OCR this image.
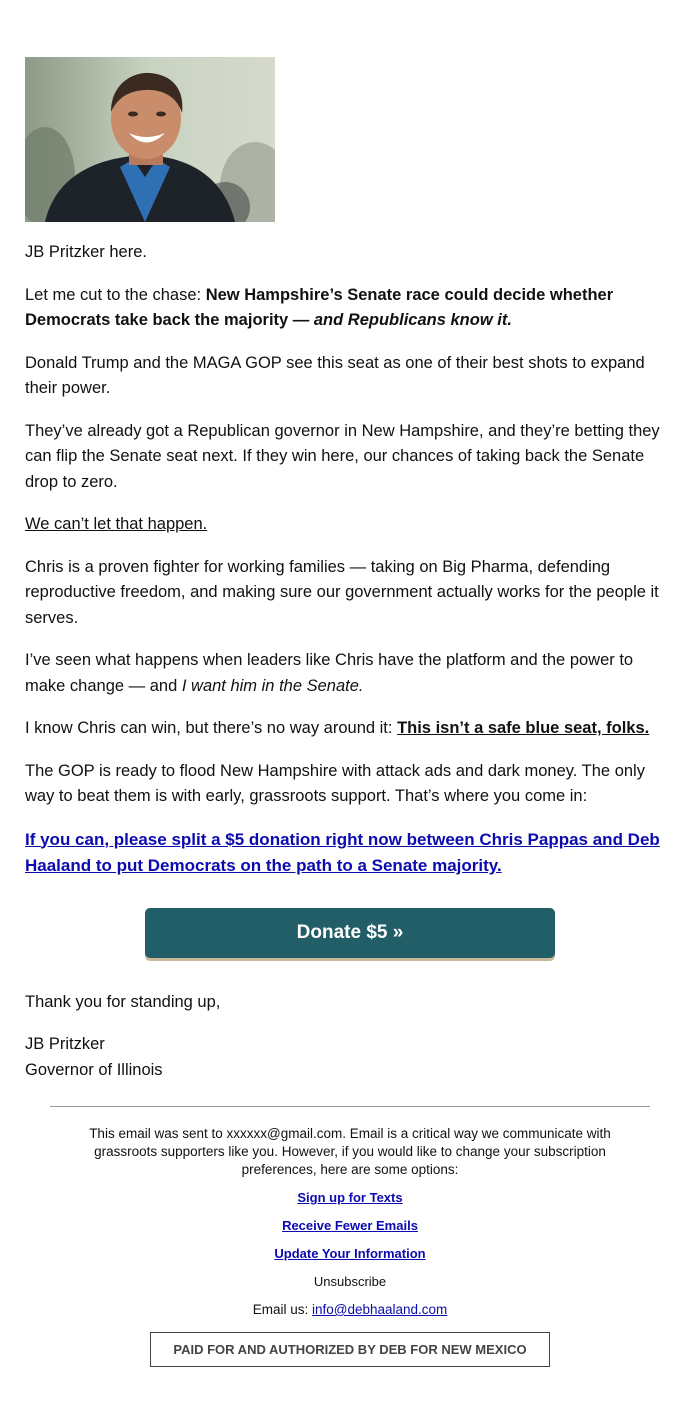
JB Pritzker here.

Let me cut to the chase: New Hampshire’s Senate race could decide whether Democrats take back the majority — and Republicans know it.

Donald Trump and the MAGA GOP see this seat as one of their best shots to expand their power.

They’ve already got a Republican governor in New Hampshire, and they’re betting they can flip the Senate seat next. If they win here, our chances of taking back the Senate drop to zero.

We can’t let that happen.

Chris is a proven fighter for working families — taking on Big Pharma, defending reproductive freedom, and making sure our government actually works for the people it serves.

I’ve seen what happens when leaders like Chris have the platform and the power to make change — and I want him in the Senate.

I know Chris can win, but there’s no way around it: This isn’t a safe blue seat, folks.

The GOP is ready to flood New Hampshire with attack ads and dark money. The only way to beat them is with early, grassroots support. That’s where you come in:

If you can, please split a $5 donation right now between Chris Pappas and Deb Haaland to put Democrats on the path to a Senate majority.

Donate $5 »

Thank you for standing up,

JB Pritzker

Governor of Illinois

This email was sent to xxxxxx@gmail.com. Email is a critical way we communicate with grassroots supporters like you. However, if you would like to change your subscription preferences, here are some options:
Sign up for Texts
Receive Fewer Emails
Update Your Information
Unsubscribe
Email us: info@debhaaland.com
PAID FOR AND AUTHORIZED BY DEB FOR NEW MEXICO
